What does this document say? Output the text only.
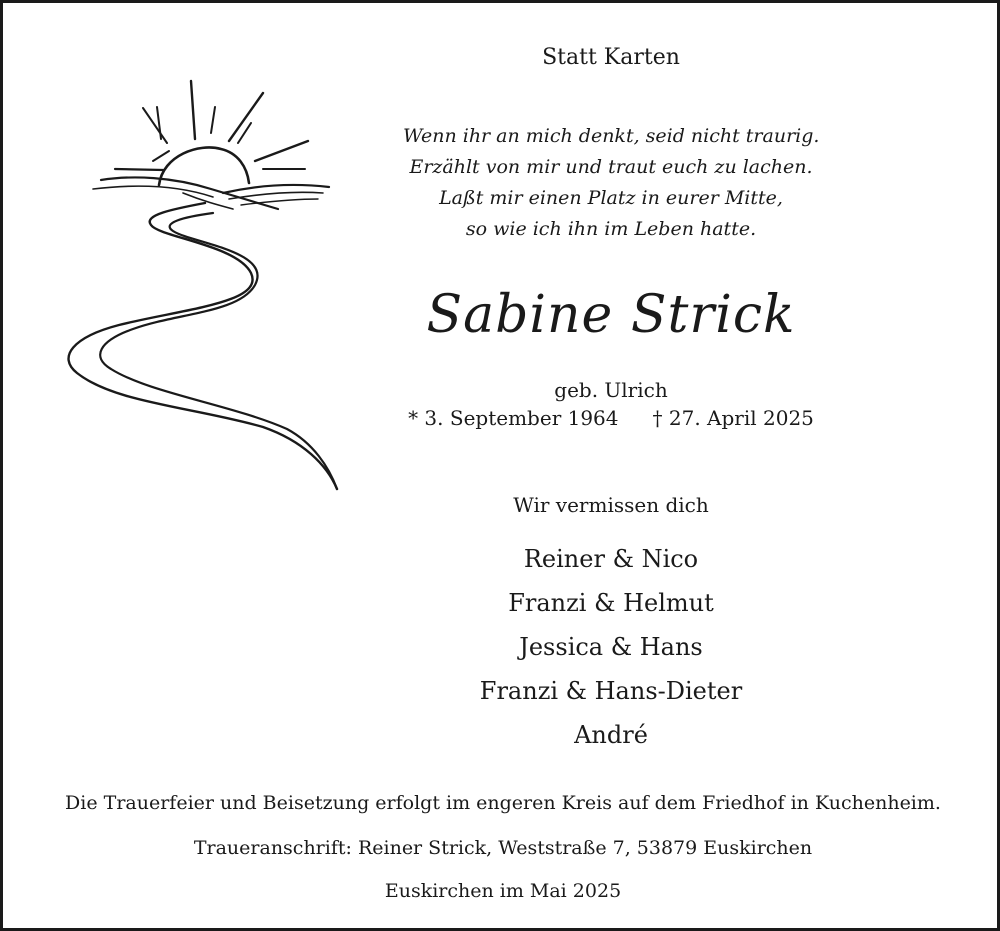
Statt Karten
Wenn ihr an mich denkt, seid nicht traurig.
Erzählt von mir und traut euch zu lachen.
Laßt mir einen Platz in eurer Mitte,
so wie ich ihn im Leben hatte.
Sabine Strick
geb. Ulrich
* 3. September 1964 † 27. April 2025
Wir vermissen dich
Reiner & Nico
Franzi & Helmut
Jessica & Hans
Franzi & Hans-Dieter
André
Die Trauerfeier und Beisetzung erfolgt im engeren Kreis auf dem Friedhof in Kuchenheim.
Traueranschrift: Reiner Strick, Weststraße 7, 53879 Euskirchen
Euskirchen im Mai 2025
